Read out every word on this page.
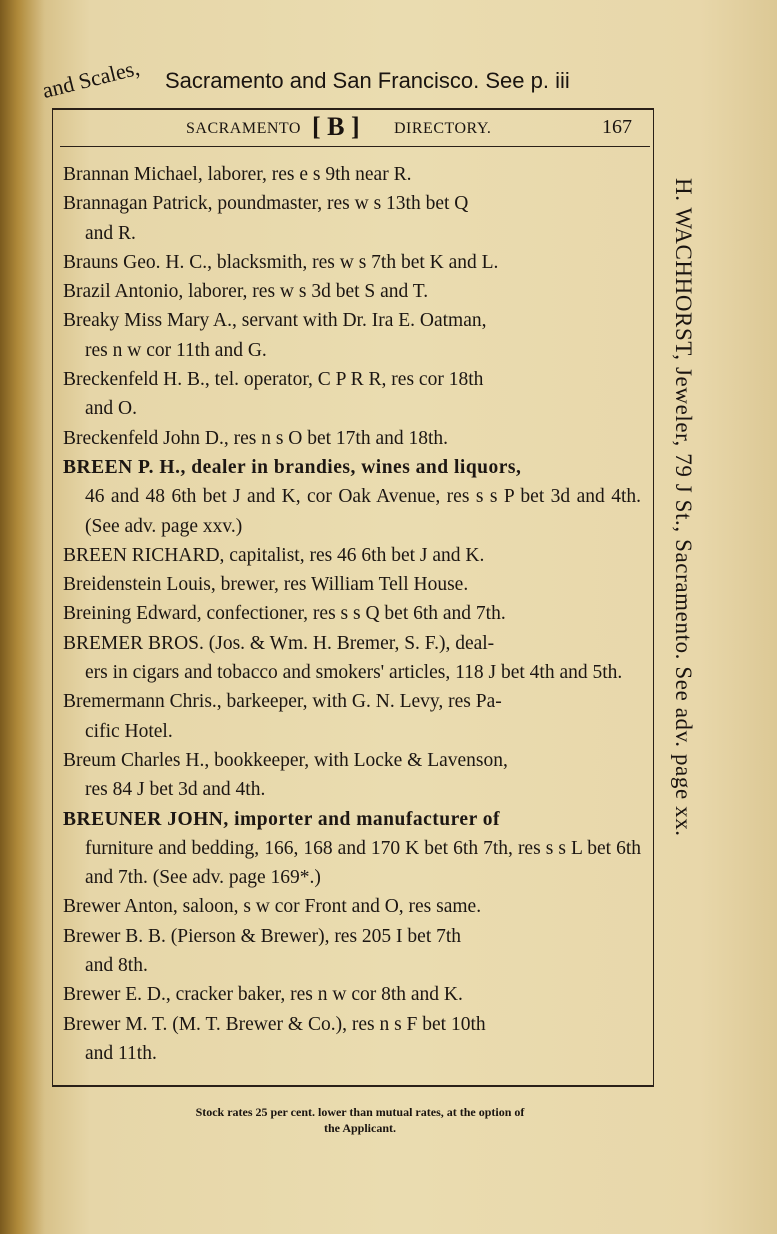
and Scales, Sacramento and San Francisco. See p. iii
SACRAMENTO [ B ] DIRECTORY.	167
Brannan Michael, laborer, res e s 9th near R.
Brannagan Patrick, poundmaster, res w s 13th bet Q
and R.
Brauns Geo. H. C., blacksmith, res w s 7th bet K and L.
Brazil Antonio, laborer, res w s 3d bet S and T.
Breaky Miss Mary A., servant with Dr. Ira E. Oatman,
res n w cor 11th and G.
Breckenfeld H. B., tel. operator, C P R R, res cor 18th
and O.
Breckenfeld John D., res n s O bet 17th and 18th.
BREEN P. H., dealer in brandies, wines and liquors,
46 and 48 6th bet J and K, cor Oak Avenue, res s s P bet 3d and 4th. (See adv. page xxv.)
BREEN RICHARD, capitalist, res 46 6th bet J and K.
Breidenstein Louis, brewer, res William Tell House.
Breining Edward, confectioner, res s s Q bet 6th and 7th.
BREMER BROS. (Jos. & Wm. H. Bremer, S. F.), deal-
ers in cigars and tobacco and smokers' articles, 118 J bet 4th and 5th.
Bremermann Chris., barkeeper, with G. N. Levy, res Pa-
cific Hotel.
Breum Charles H., bookkeeper, with Locke & Lavenson,
res 84 J bet 3d and 4th.
BREUNER JOHN, importer and manufacturer of
furniture and bedding, 166, 168 and 170 K bet 6th 7th, res s s L bet 6th and 7th. (See adv. page 169*.)
Brewer Anton, saloon, s w cor Front and O, res same.
Brewer B. B. (Pierson & Brewer), res 205 I bet 7th
and 8th.
Brewer E. D., cracker baker, res n w cor 8th and K.
Brewer M. T. (M. T. Brewer & Co.), res n s F bet 10th
and 11th.
H. WACHHORST, Jeweler, 79 J St., Sacramento. See adv. page xx.
Stock rates 25 per cent. lower than mutual rates, at the option of
the Applicant.
